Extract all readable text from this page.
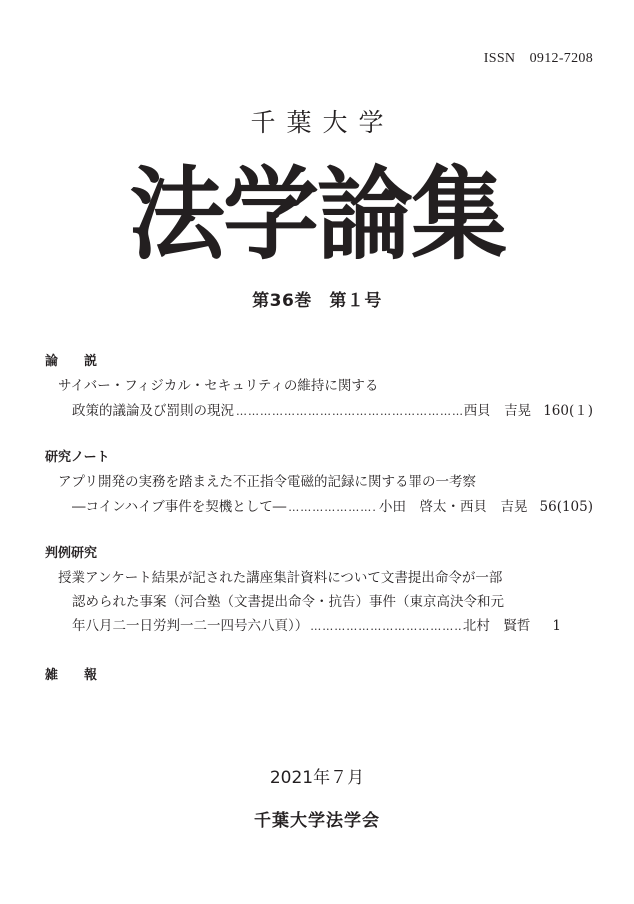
ISSN　0912-7208
千葉大学
法学論集
第36巻　第１号
論　　説
サイバー・フィジカル・セキュリティの維持に関する
政策的議論及び罰則の現況 ………………………………………………………………………………………………………………………………………………	西貝　吉晃 160(１)
研究ノート
アプリ開発の実務を踏まえた不正指令電磁的記録に関する罪の一考察
―コインハイブ事件を契機として― ………………………………………………………………………………………………………………………………………………	小田　啓太・西貝　吉晃 56(105)
判例研究
授業アンケート結果が記された講座集計資料について文書提出命令が一部
認められた事案（河合塾（文書提出命令・抗告）事件（東京高決令和元
年八月二一日労判一二一四号六八頁）） ………………………………………………………………………………………………………………………………………………	北村　賢哲 1
雑　　報
2021年７月
千葉大学法学会
